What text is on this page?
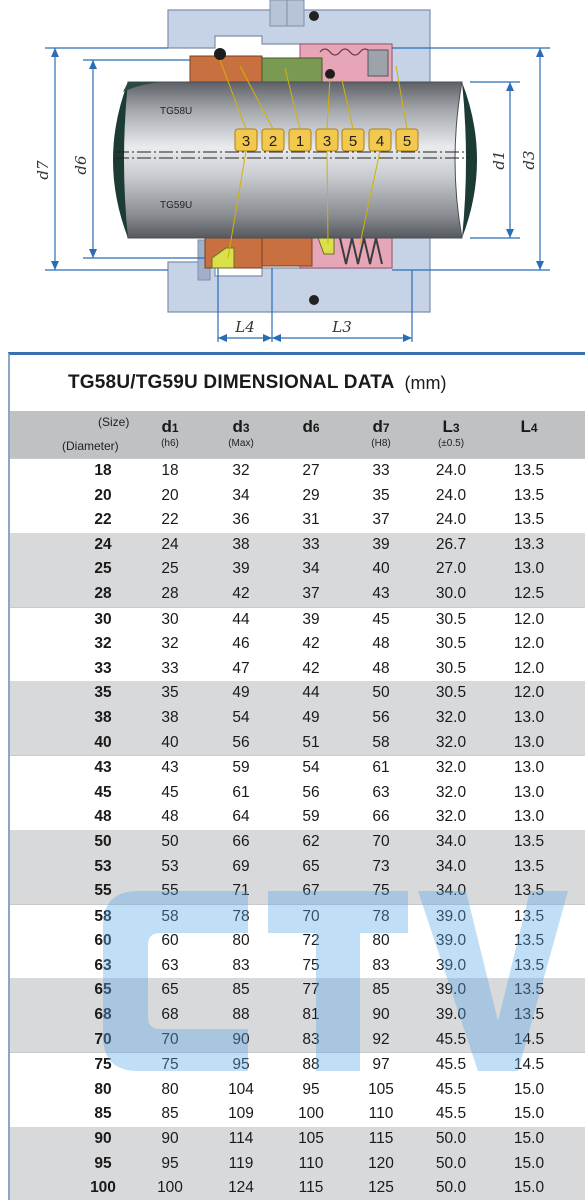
TG58U
TG59U
3 2 1 3 5 4 5
d7 d6	d1 d3
L4	L3
TG58U/TG59U DIMENSIONAL DATA (mm)
(Size)
(Diameter)
d1
(h6)
d3
(Max)
d6	d7
(H8)
L3
(±0.5)
L4
18	18	32	27	33	24.0	13.5
20	20	34	29	35	24.0	13.5
22	22	36	31	37	24.0	13.5
24	24	38	33	39	26.7	13.3
25	25	39	34	40	27.0	13.0
28	28	42	37	43	30.0	12.5
30	30	44	39	45	30.5	12.0
32	32	46	42	48	30.5	12.0
33	33	47	42	48	30.5	12.0
35	35	49	44	50	30.5	12.0
38	38	54	49	56	32.0	13.0
40	40	56	51	58	32.0	13.0
43	43	59	54	61	32.0	13.0
45	45	61	56	63	32.0	13.0
48	48	64	59	66	32.0	13.0
50	50	66	62	70	34.0	13.5
53	53	69	65	73	34.0	13.5
55	55	71	67	75	34.0	13.5
58	58	78	70	78	39.0	13.5
60	60	80	72	80	39.0	13.5
63	63	83	75	83	39.0	13.5
65	65	85	77	85	39.0	13.5
68	68	88	81	90	39.0	13.5
70	70	90	83	92	45.5	14.5
75	75	95	88	97	45.5	14.5
80	80	104	95	105	45.5	15.0
85	85	109	100	110	45.5	15.0
90	90	114	105	115	50.0	15.0
95	95	119	110	120	50.0	15.0
100	100	124	115	125	50.0	15.0
